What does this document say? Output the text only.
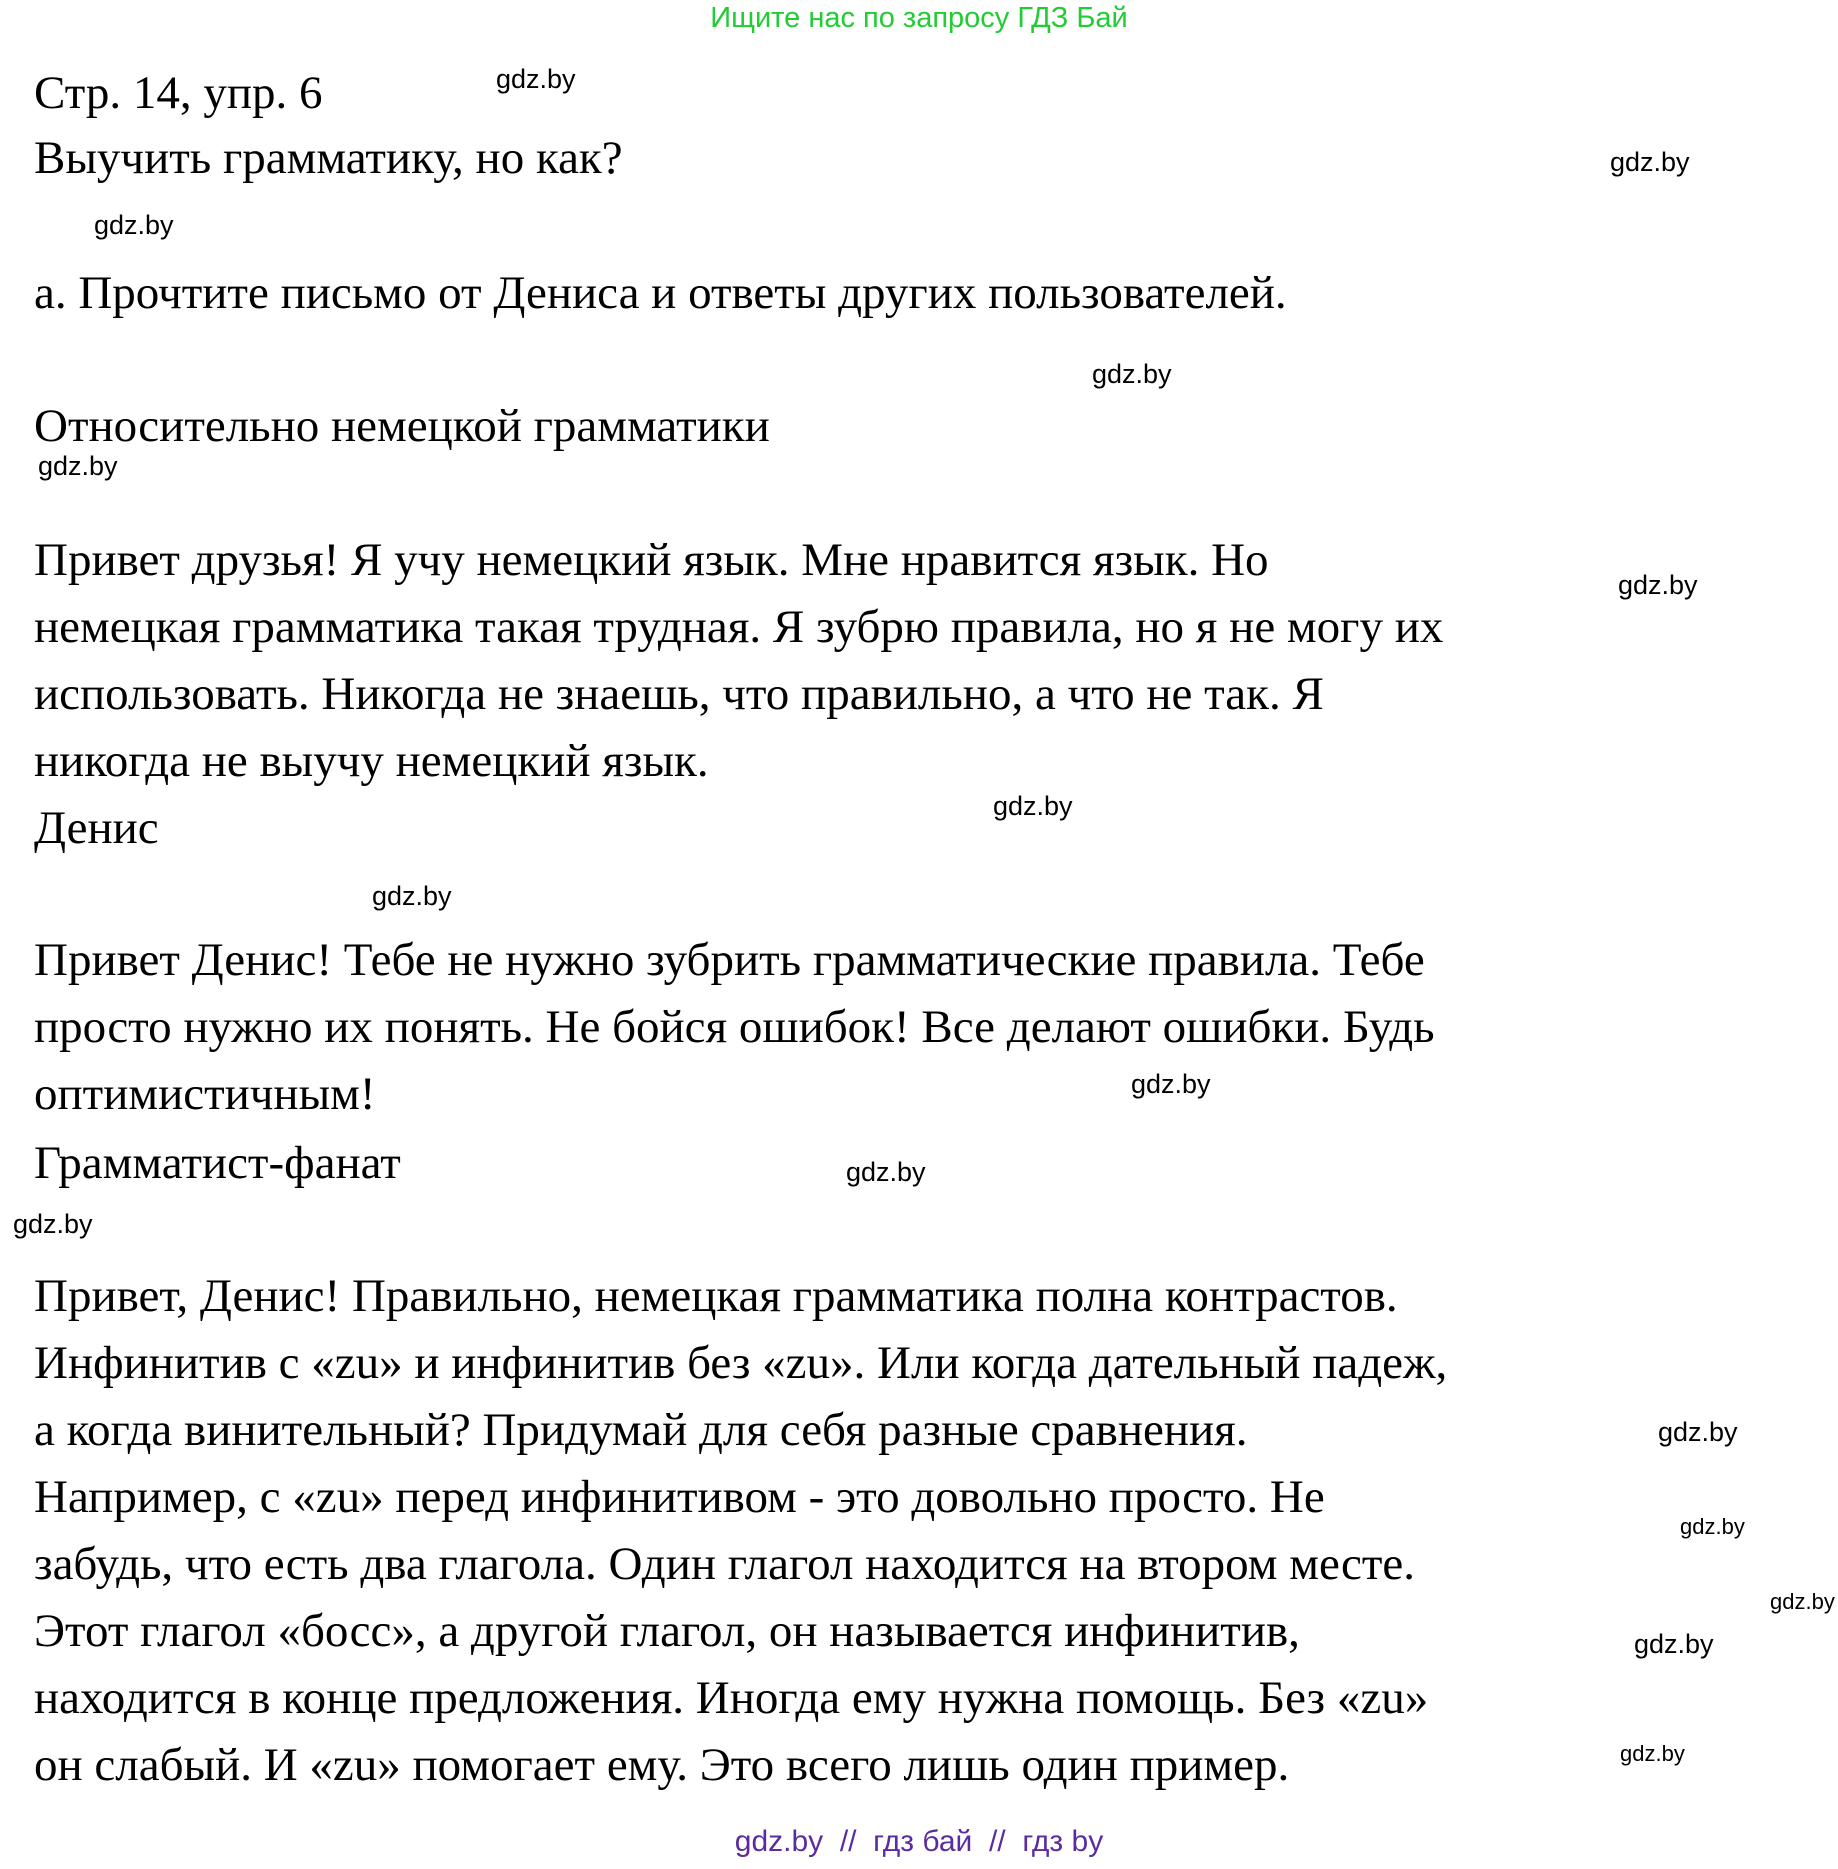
Ищите нас по запросу ГДЗ Бай
Стр. 14, упр. 6
Выучить грамматику, но как?
а. Прочтите письмо от Дениса и ответы других пользователей.
Относительно немецкой грамматики
Привет друзья! Я учу немецкий язык. Мне нравится язык. Но
немецкая грамматика такая трудная. Я зубрю правила, но я не могу их
использовать. Никогда не знаешь, что правильно, а что не так. Я
никогда не выучу немецкий язык.
Денис
Привет Денис! Тебе не нужно зубрить грамматические правила. Тебе
просто нужно их понять. Не бойся ошибок! Все делают ошибки. Будь
оптимистичным!
Грамматист-фанат
Привет, Денис! Правильно, немецкая грамматика полна контрастов.
Инфинитив с «zu» и инфинитив без «zu». Или когда дательный падеж,
а когда винительный? Придумай для себя разные сравнения.
Например, с «zu» перед инфинитивом - это довольно просто. Не
забудь, что есть два глагола. Один глагол находится на втором месте.
Этот глагол «босс», а другой глагол, он называется инфинитив,
находится в конце предложения. Иногда ему нужна помощь. Без «zu»
он слабый. И «zu» помогает ему. Это всего лишь один пример.
gdz.by
gdz.by
gdz.by
gdz.by
gdz.by
gdz.by
gdz.by
gdz.by
gdz.by
gdz.by
gdz.by
gdz.by
gdz.by
gdz.by
gdz.by
gdz.by
gdz.by  //  гдз бай  //  гдз by
